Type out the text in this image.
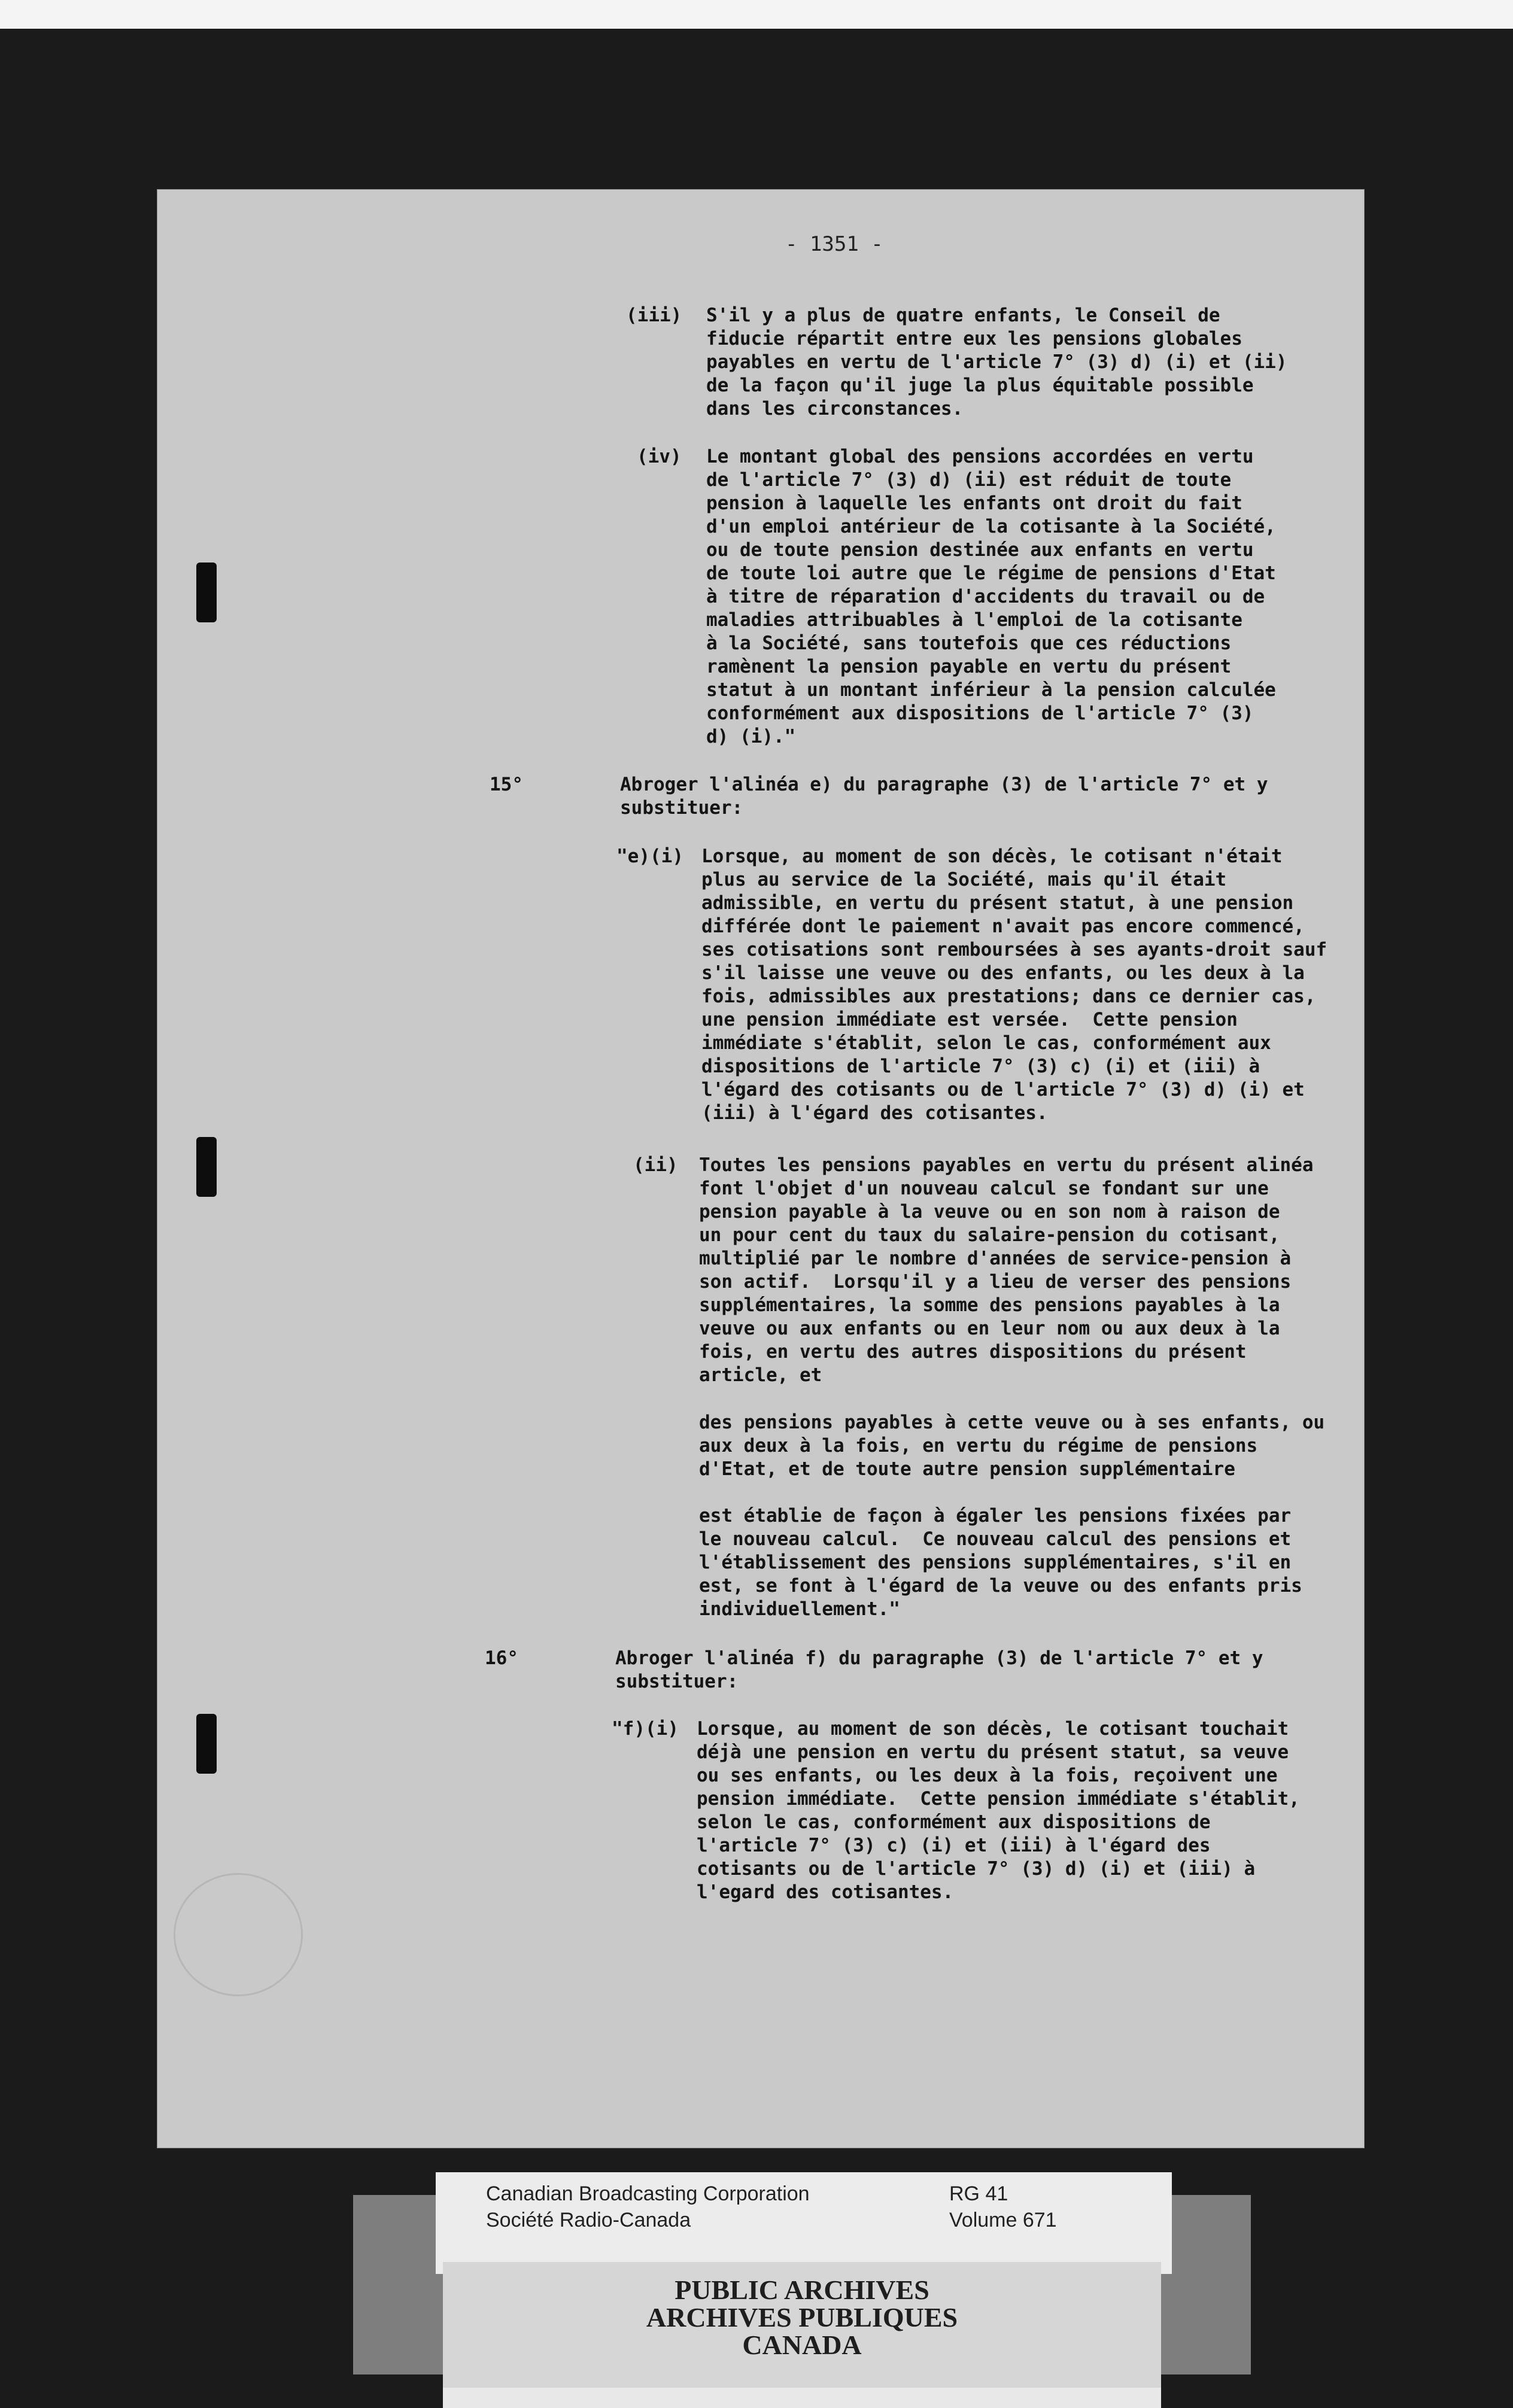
- 1351 -
(iii) S'il y a plus de quatre enfants, le Conseil de
fiducie répartit entre eux les pensions globales
payables en vertu de l'article 7° (3) d) (i) et (ii)
de la façon qu'il juge la plus équitable possible
dans les circonstances.
(iv) Le montant global des pensions accordées en vertu
de l'article 7° (3) d) (ii) est réduit de toute
pension à laquelle les enfants ont droit du fait
d'un emploi antérieur de la cotisante à la Société,
ou de toute pension destinée aux enfants en vertu
de toute loi autre que le régime de pensions d'Etat
à titre de réparation d'accidents du travail ou de
maladies attribuables à l'emploi de la cotisante
à la Société, sans toutefois que ces réductions
ramènent la pension payable en vertu du présent
statut à un montant inférieur à la pension calculée
conformément aux dispositions de l'article 7° (3)
d) (i)."
15°	Abroger l'alinéa e) du paragraphe (3) de l'article 7° et y
substituer:
"e)(i) Lorsque, au moment de son décès, le cotisant n'était
plus au service de la Société, mais qu'il était
admissible, en vertu du présent statut, à une pension
différée dont le paiement n'avait pas encore commencé,
ses cotisations sont remboursées à ses ayants-droit sauf
s'il laisse une veuve ou des enfants, ou les deux à la
fois, admissibles aux prestations; dans ce dernier cas,
une pension immédiate est versée.  Cette pension
immédiate s'établit, selon le cas, conformément aux
dispositions de l'article 7° (3) c) (i) et (iii) à
l'égard des cotisants ou de l'article 7° (3) d) (i) et
(iii) à l'égard des cotisantes.
(ii) Toutes les pensions payables en vertu du présent alinéa
font l'objet d'un nouveau calcul se fondant sur une
pension payable à la veuve ou en son nom à raison de
un pour cent du taux du salaire-pension du cotisant,
multiplié par le nombre d'années de service-pension à
son actif.  Lorsqu'il y a lieu de verser des pensions
supplémentaires, la somme des pensions payables à la
veuve ou aux enfants ou en leur nom ou aux deux à la
fois, en vertu des autres dispositions du présent
article, et
des pensions payables à cette veuve ou à ses enfants, ou
aux deux à la fois, en vertu du régime de pensions
d'Etat, et de toute autre pension supplémentaire
est établie de façon à égaler les pensions fixées par
le nouveau calcul.  Ce nouveau calcul des pensions et
l'établissement des pensions supplémentaires, s'il en
est, se font à l'égard de la veuve ou des enfants pris
individuellement."
16°	Abroger l'alinéa f) du paragraphe (3) de l'article 7° et y
substituer:
"f)(i) Lorsque, au moment de son décès, le cotisant touchait
déjà une pension en vertu du présent statut, sa veuve
ou ses enfants, ou les deux à la fois, reçoivent une
pension immédiate.  Cette pension immédiate s'établit,
selon le cas, conformément aux dispositions de
l'article 7° (3) c) (i) et (iii) à l'égard des
cotisants ou de l'article 7° (3) d) (i) et (iii) à
l'egard des cotisantes.
Canadian Broadcasting Corporation
Société Radio-Canada
RG 41
Volume 671
PUBLIC ARCHIVES
ARCHIVES PUBLIQUES
CANADA
